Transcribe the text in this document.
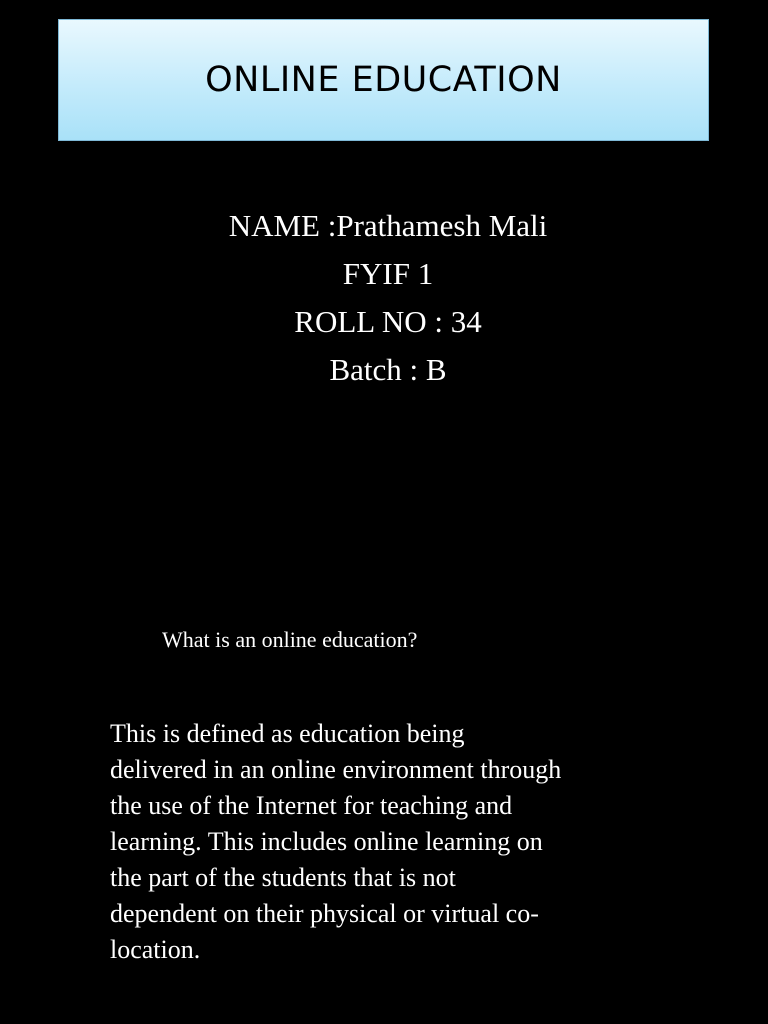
ONLINE EDUCATION
NAME :Prathamesh Mali
FYIF 1
ROLL NO : 34
Batch : B
What is an online education?
This is defined as education being
delivered in an online environment through
the use of the Internet for teaching and
learning. This includes online learning on
the part of the students that is not
dependent on their physical or virtual co-
location.
